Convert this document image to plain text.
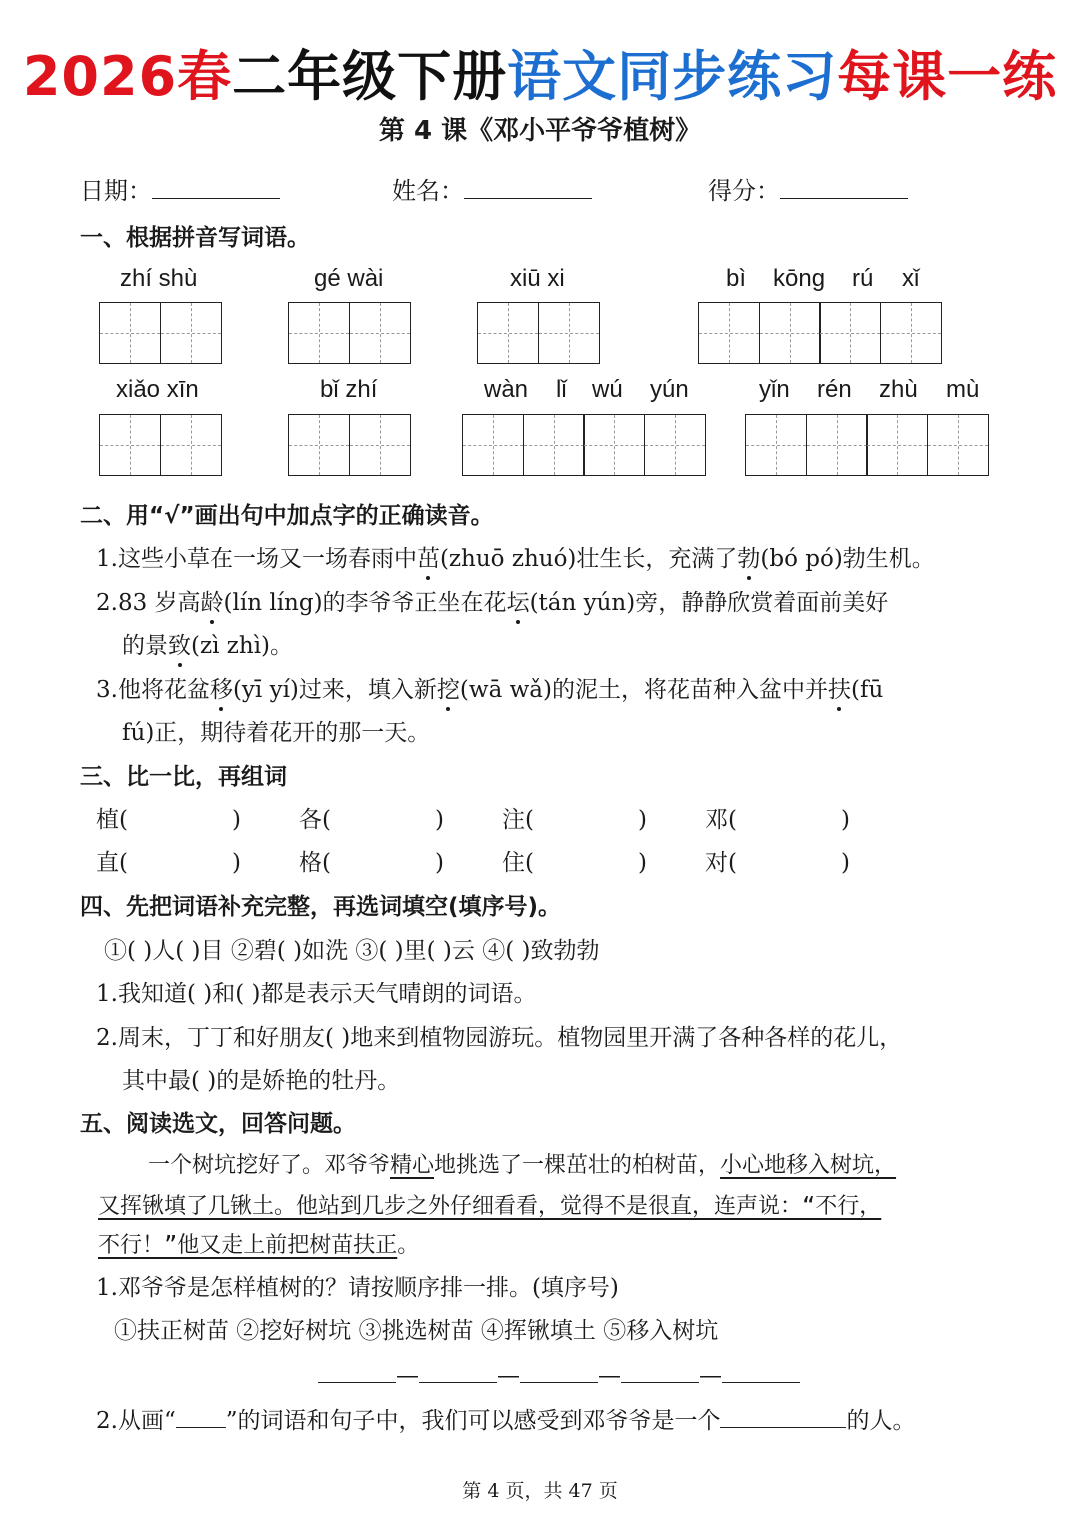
2026春二年级下册语文同步练习每课一练
第 4 课《邓小平爷爷植树》
日期：	姓名：	得分：
一、根据拼音写词语。
zhí shù	gé wài	xiū xi	bì kōng rú xǐ
xiǎo xīn	bǐ zhí	wàn lǐ wú yún	yǐn rén zhù mù
二、用“√”画出句中加点字的正确读音。
1.这些小草在一场又一场春雨中茁(zhuō zhuó)壮生长，充满了勃(bó pó)勃生机。
2.83 岁高龄(lín líng)的李爷爷正坐在花坛(tán yún)旁，静静欣赏着面前美好
的景致(zì zhì)。
3.他将花盆移(yī yí)过来，填入新挖(wā wǎ)的泥土，将花苗种入盆中并扶(fū
fú)正，期待着花开的那一天。
三、比一比，再组词
植(	)	各(	)	注(	)	邓(	)
直(	)	格(	)	住(	)	对(	)
四、先把词语补充完整，再选词填空(填序号)。
①( )人( )目 ②碧( )如洗 ③( )里( )云 ④( )致勃勃
1.我知道( )和( )都是表示天气晴朗的词语。
2.周末，丁丁和好朋友( )地来到植物园游玩。植物园里开满了各种各样的花儿，
其中最( )的是娇艳的牡丹。
五、阅读选文，回答问题。
一个树坑挖好了。邓爷爷精心地挑选了一棵茁壮的柏树苗，小心地移入树坑，
又挥锹填了几锹土。他站到几步之外仔细看看，觉得不是很直，连声说：“不行，
不行！”他又走上前把树苗扶正。
1.邓爷爷是怎样植树的？请按顺序排一排。(填序号)
①扶正树苗 ②挖好树坑 ③挑选树苗 ④挥锹填土 ⑤移入树坑
—	—	—	—
2.从画“ ”的词语和句子中，我们可以感受到邓爷爷是一个	的人。
第 4 页，共 47 页
